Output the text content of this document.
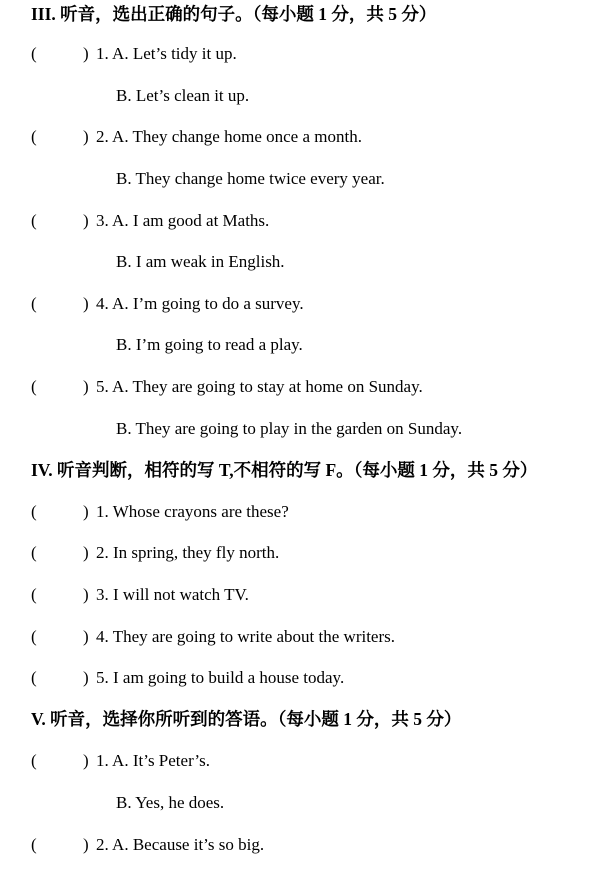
III. 听音，选出正确的句子。（每小题 1 分，共 5 分）
(	) 1. A. Let’s tidy it up.
B. Let’s clean it up.
(	) 2. A. They change home once a month.
B. They change home twice every year.
(	) 3. A. I am good at Maths.
B. I am weak in English.
(	) 4. A. I’m going to do a survey.
B. I’m going to read a play.
(	) 5. A. They are going to stay at home on Sunday.
B. They are going to play in the garden on Sunday.
IV. 听音判断，相符的写 T,不相符的写 F。（每小题 1 分，共 5 分）
(	) 1. Whose crayons are these?
(	) 2. In spring, they fly north.
(	) 3. I will not watch TV.
(	) 4. They are going to write about the writers.
(	) 5. I am going to build a house today.
V. 听音，选择你所听到的答语。（每小题 1 分，共 5 分）
(	) 1. A. It’s Peter’s.
B. Yes, he does.
(	) 2. A. Because it’s so big.
